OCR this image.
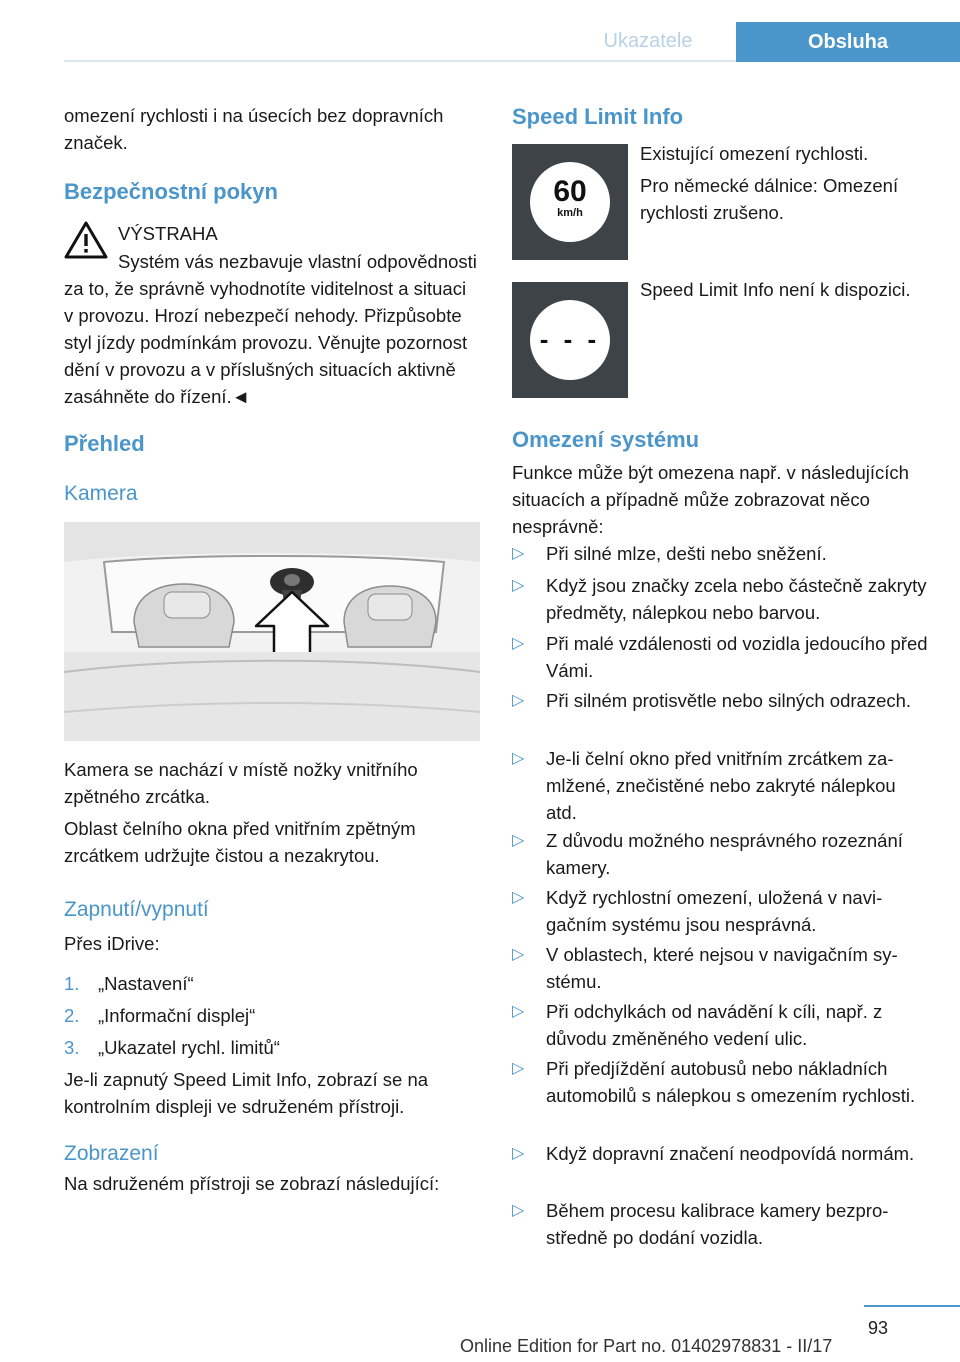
Ukazatele	Obsluha

omezení rychlosti i na úsecích bez dopravních značek.

Bezpečnostní pokyn

VÝSTRAHA

Systém vás nezbavuje vlastní odpovědnosti za to, že správně vyhodnotíte viditelnost a situaci v provozu. Hrozí nebezpečí nehody. Přizpůsobte styl jízdy podmínkám provozu. Věnujte pozornost dění v provozu a v příslušných situacích aktivně zasáhněte do řízení.◄

Přehled
Kamera

Kamera se nachází v místě nožky vnitřního zpětného zrcátka.

Oblast čelního okna před vnitřním zpětným zrcátkem udržujte čistou a nezakrytou.

Zapnutí/vypnutí

Přes iDrive:

1. „Nastavení“

2. „Informační displej“

3. „Ukazatel rychl. limitů“

Je-li zapnutý Speed Limit Info, zobrazí se na kontrolním displeji ve sdruženém přístroji.

Zobrazení

Na sdruženém přístroji se zobrazí následující:

Speed Limit Info
60
km/h

Existující omezení rychlosti.

Pro německé dálnice: Omezení rychlosti zrušeno.

- - -

Speed Limit Info není k dispozici.

Omezení systému

Funkce může být omezena např. v následujících situacích a případně může zobrazovat něco nesprávně:

▷ Při silné mlze, dešti nebo sněžení.

▷ Když jsou značky zcela nebo částečně zakryty předměty, nálepkou nebo barvou.

▷ Při malé vzdálenosti od vozidla jedoucího před Vámi.

▷ Při silném protisvětle nebo silných odrazech.

▷ Je-li čelní okno před vnitřním zrcátkem zamlžené, znečistěné nebo zakryté nálepkou atd.

▷ Z důvodu možného nesprávného rozeznání kamery.

▷ Když rychlostní omezení, uložená v navigačním systému jsou nesprávná.

▷ V oblastech, které nejsou v navigačním systému.

▷ Při odchylkách od navádění k cíli, např. z důvodu změněného vedení ulic.

▷ Při předjíždění autobusů nebo nákladních automobilů s nálepkou s omezením rychlosti.

▷ Když dopravní značení neodpovídá normám.

▷ Během procesu kalibrace kamery bezprostředně po dodání vozidla.

93
Online Edition for Part no. 01402978831 - II/17
